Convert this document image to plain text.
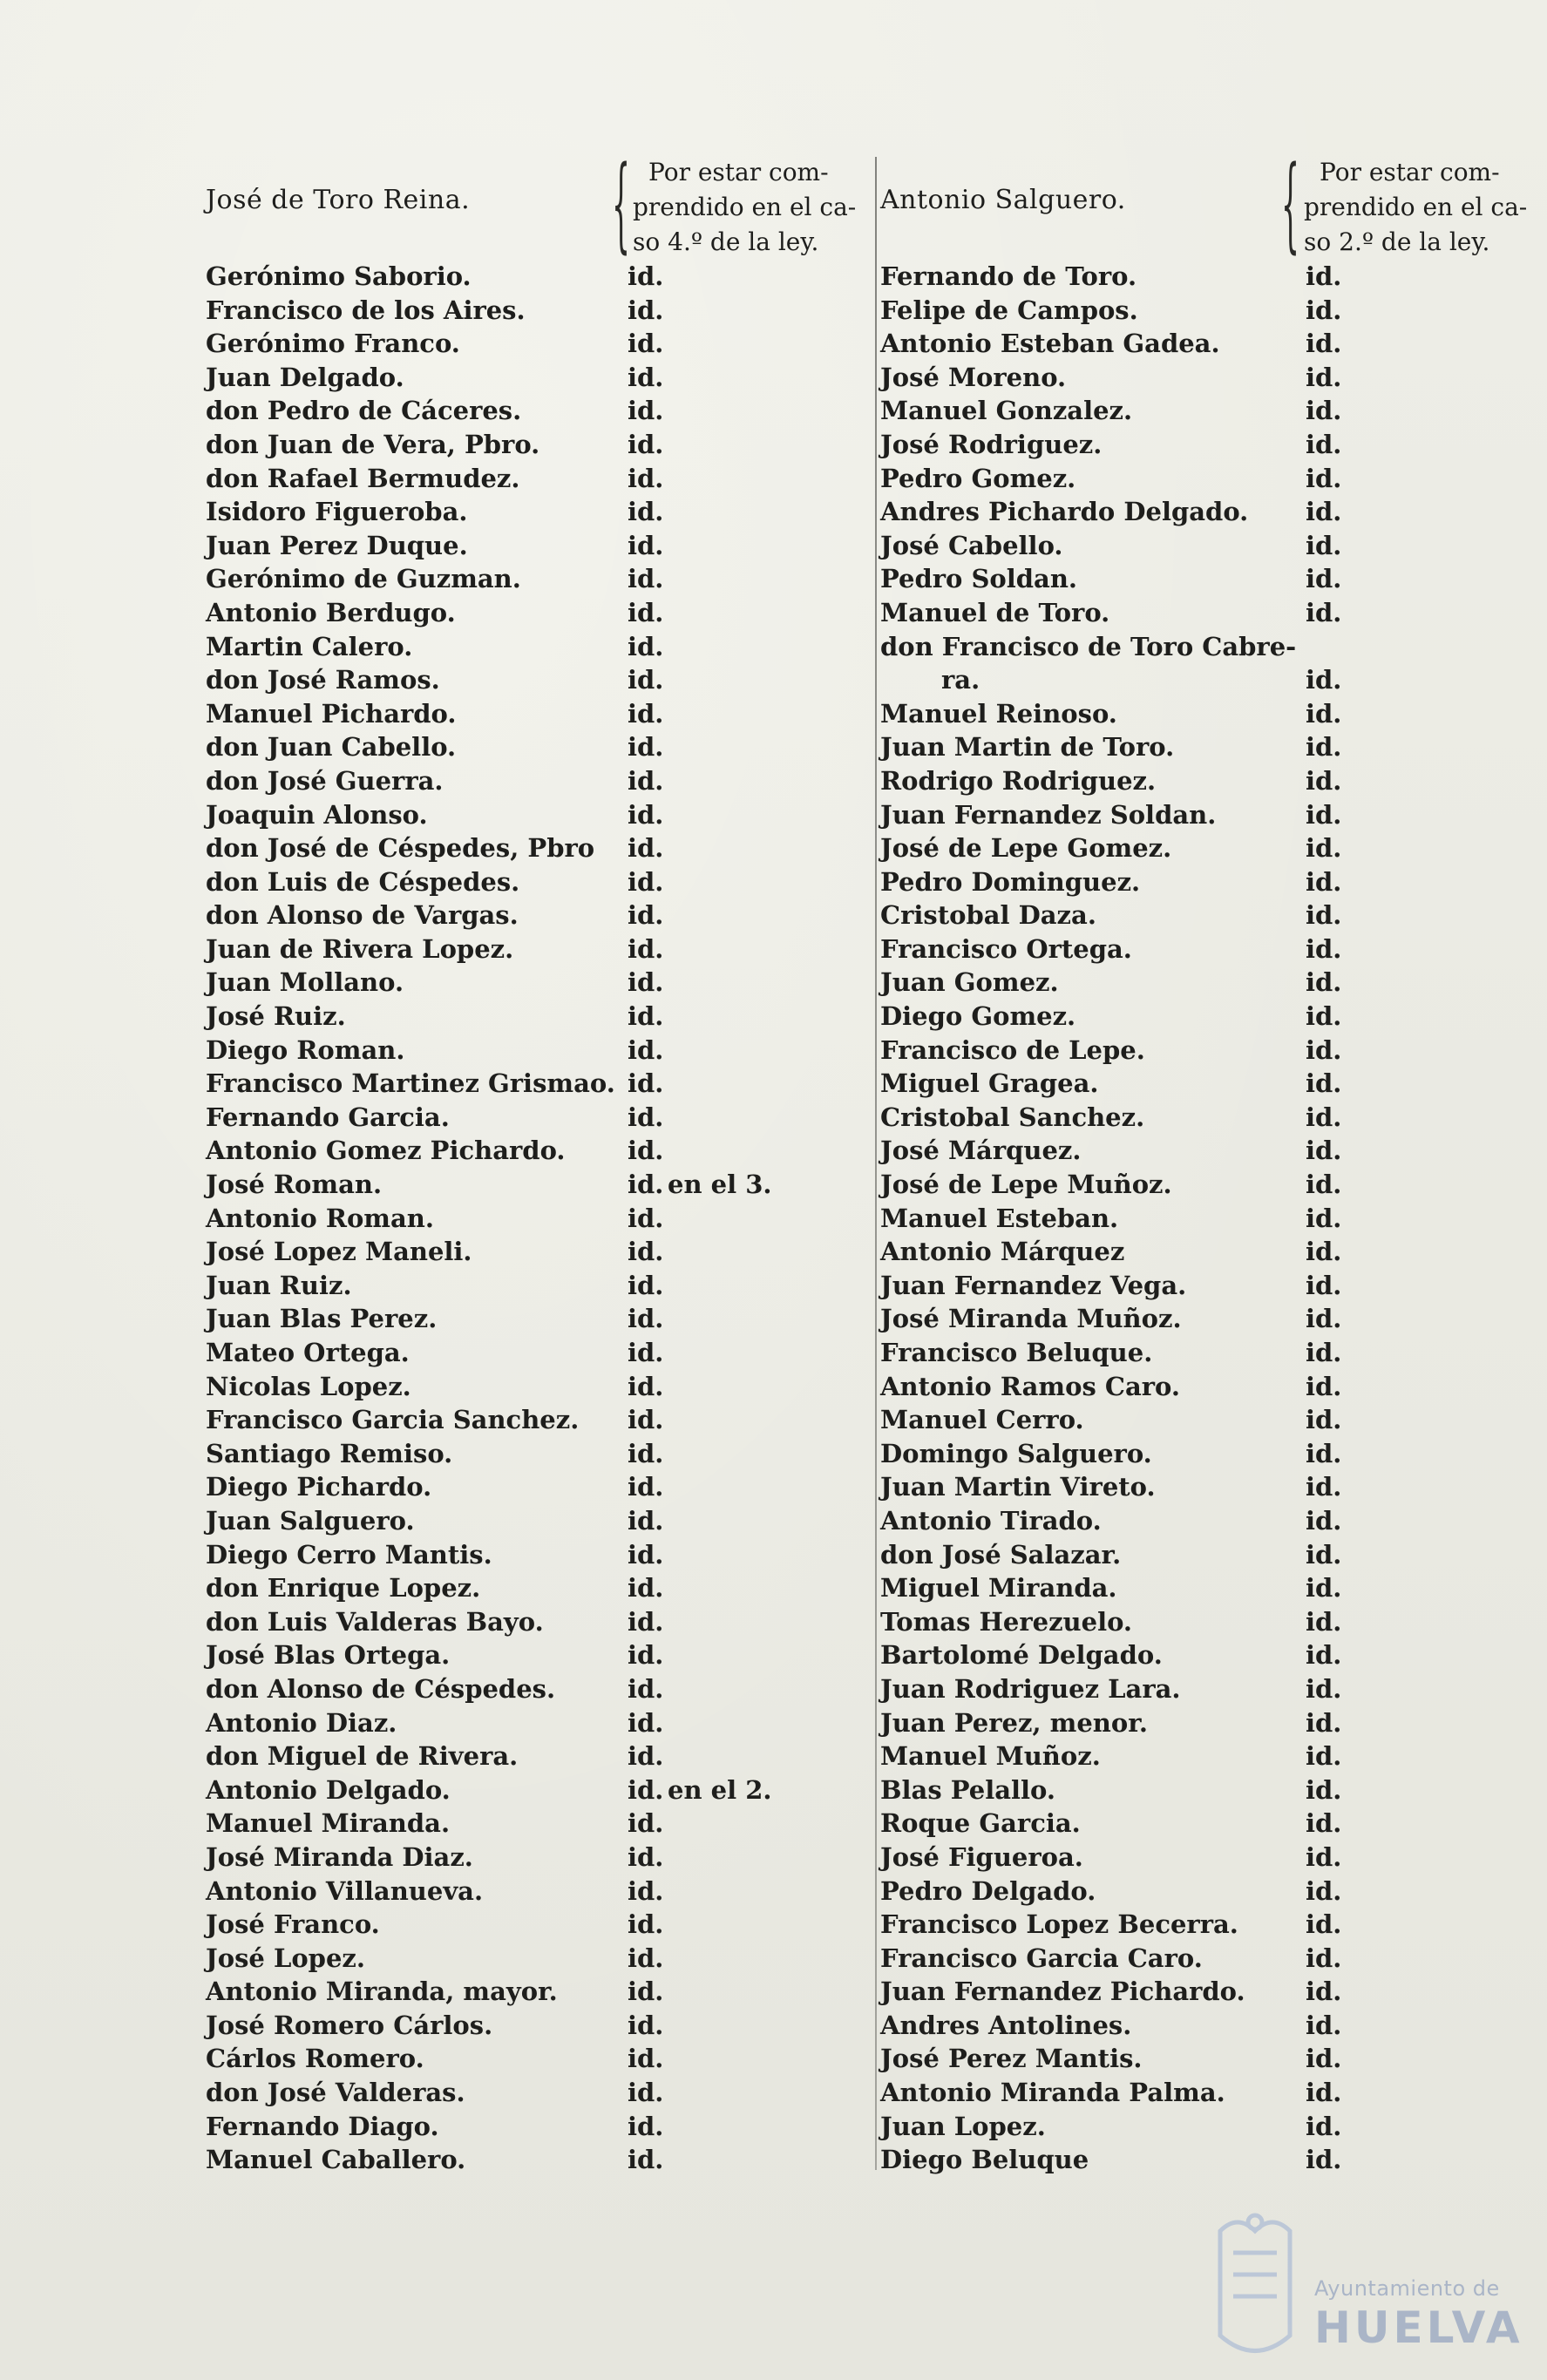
José de Toro Reina. { Por estar com-
prendido en el ca-
so 4.º de la ley.
Gerónimo Saborio.	id.
Francisco de los Aires.	id.
Gerónimo Franco.	id.
Juan Delgado.	id.
don Pedro de Cáceres.	id.
don Juan de Vera, Pbro.	id.
don Rafael Bermudez.	id.
Isidoro Figueroba.	id.
Juan Perez Duque.	id.
Gerónimo de Guzman.	id.
Antonio Berdugo.	id.
Martin Calero.	id.
don José Ramos.	id.
Manuel Pichardo.	id.
don Juan Cabello.	id.
don José Guerra.	id.
Joaquin Alonso.	id.
don José de Céspedes, Pbro id.
don Luis de Céspedes.	id.
don Alonso de Vargas.	id.
Juan de Rivera Lopez.	id.
Juan Mollano.	id.
José Ruiz.	id.
Diego Roman.	id.
Francisco Martinez Grismao. id.
Fernando Garcia.	id.
Antonio Gomez Pichardo. id.
José Roman.	id. en el 3.
Antonio Roman.	id.
José Lopez Maneli.	id.
Juan Ruiz.	id.
Juan Blas Perez.	id.
Mateo Ortega.	id.
Nicolas Lopez.	id.
Francisco Garcia Sanchez. id.
Santiago Remiso.	id.
Diego Pichardo.	id.
Juan Salguero.	id.
Diego Cerro Mantis.	id.
don Enrique Lopez.	id.
don Luis Valderas Bayo.	id.
José Blas Ortega.	id.
don Alonso de Céspedes.	id.
Antonio Diaz.	id.
don Miguel de Rivera.	id.
Antonio Delgado.	id. en el 2.
Manuel Miranda.	id.
José Miranda Diaz.	id.
Antonio Villanueva.	id.
José Franco.	id.
José Lopez.	id.
Antonio Miranda, mayor.	id.
José Romero Cárlos.	id.
Cárlos Romero.	id.
don José Valderas.	id.
Fernando Diago.	id.
Manuel Caballero.	id.
Antonio Salguero. { Por estar com-
prendido en el ca-
so 2.º de la ley.
Fernando de Toro.	id.
Felipe de Campos.	id.
Antonio Esteban Gadea.	id.
José Moreno.	id.
Manuel Gonzalez.	id.
José Rodriguez.	id.
Pedro Gomez.	id.
Andres Pichardo Delgado. id.
José Cabello.	id.
Pedro Soldan.	id.
Manuel de Toro.	id.
don Francisco de Toro Cabre-
ra.	id.
Manuel Reinoso.	id.
Juan Martin de Toro.	id.
Rodrigo Rodriguez.	id.
Juan Fernandez Soldan.	id.
José de Lepe Gomez.	id.
Pedro Dominguez.	id.
Cristobal Daza.	id.
Francisco Ortega.	id.
Juan Gomez.	id.
Diego Gomez.	id.
Francisco de Lepe.	id.
Miguel Gragea.	id.
Cristobal Sanchez.	id.
José Márquez.	id.
José de Lepe Muñoz.	id.
Manuel Esteban.	id.
Antonio Márquez	id.
Juan Fernandez Vega.	id.
José Miranda Muñoz.	id.
Francisco Beluque.	id.
Antonio Ramos Caro.	id.
Manuel Cerro.	id.
Domingo Salguero.	id.
Juan Martin Vireto.	id.
Antonio Tirado.	id.
don José Salazar.	id.
Miguel Miranda.	id.
Tomas Herezuelo.	id.
Bartolomé Delgado.	id.
Juan Rodriguez Lara.	id.
Juan Perez, menor.	id.
Manuel Muñoz.	id.
Blas Pelallo.	id.
Roque Garcia.	id.
José Figueroa.	id.
Pedro Delgado.	id.
Francisco Lopez Becerra.	id.
Francisco Garcia Caro.	id.
Juan Fernandez Pichardo. id.
Andres Antolines.	id.
José Perez Mantis.	id.
Antonio Miranda Palma.	id.
Juan Lopez.	id.
Diego Beluque	id.
Ayuntamiento de
HUELVA
